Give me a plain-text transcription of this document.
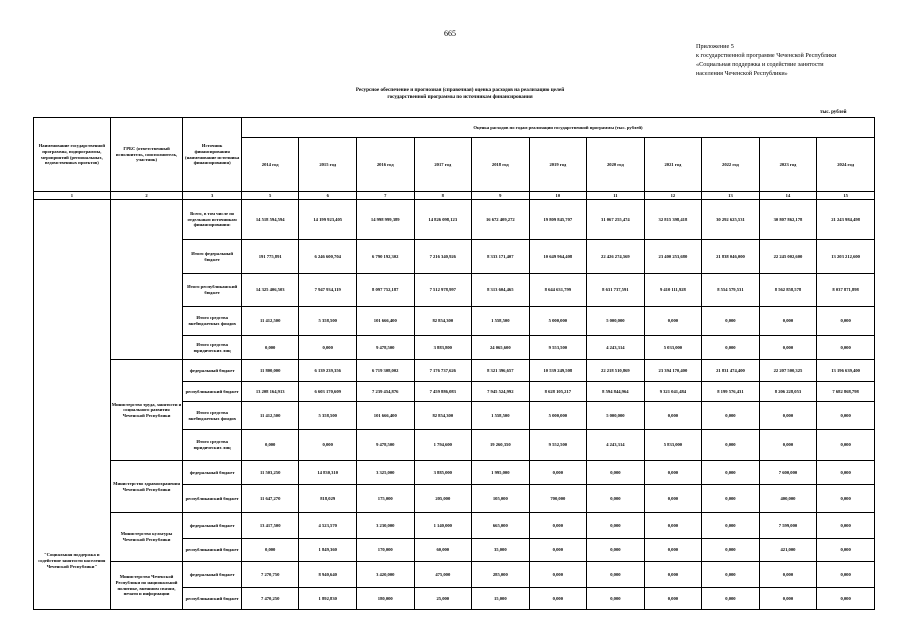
665
Приложение 5
к государственной программе Чеченской Республики
«Социальная поддержка и содействие занятости
населения Чеченской Республики»
Ресурсное обеспечение и прогнозная (справочная) оценка расходов на реализацию целей
государственной программы по источникам финансирования
тыс. рублей
Наименование государственной программы, подпрограммы, мероприятий (региональных, ведомственных проектов)	ГРБС (ответственный исполнитель, соисполнитель, участник)	Источник финансирования (наименование источника финансирования)	Оценка расходов по годам реализации государственной программы (тыс. рублей)										
			2014 год	2015 год	2016 год	2017 год	2018 год	2019 год	2020 год	2021 год	2022 год	2023 год	2024 год
1	2	3	5	6	7	8	9	10	11	12	13	14	15
		Всего, в том числе по отдельным источникам финансирования:	14 518 594,594	14 199 923,405	14 998 999,389	14 826 098,123	16 672 409,272	19 809 845,707	31 067 255,474	32 815 398,418	30 292 625,531	30 807 862,178	21 243 984,498
		Итого федеральный бюджет	191 775,891	6 246 600,704	6 790 192,302	7 216 340,926	8 333 171,407	10 649 964,408	22 426 274,569	23 400 253,680	21 838 046,000	22 245 002,600	13 203 212,600
		Итого республиканский бюджет	14 325 406,503	7 947 934,119	8 097 752,187	7 512 978,997	8 313 604,465	8 644 631,799	8 631 737,591	9 410 111,928	8 554 579,531	8 562 858,578	8 037 871,898
		Итого средства внебюджетных фондов	11 412,500	5 358,500	101 666,400	82 854,300	1 558,500	5 000,000	5 000,000	0,000	0,000	0,000	0,000
		Итого средства юридических лиц	0,000	0,000	9 478,500	3 883,800	24 065,600	9 553,500	4 243,314	5 033,000	0,000	0,000	0,000
	Министерство труда, занятости и социального развития Чеченской Республики	федеральный бюджет	11 800,000	6 139 239,356	6 719 308,002	7 176 737,626	8 321 396,657	10 539 249,508	22 218 510,869	23 394 170,400	21 831 474,400	22 207 500,325	13 196 639,400
		республиканский бюджет	13 208 164,913	6 603 170,609	7 239 454,876	7 459 886,083	7 945 524,992	8 628 105,217	8 594 844,964	9 321 041,484	8 199 576,431	8 206 228,053	7 682 868,798
		Итого средства внебюджетных фондов	11 412,500	5 358,500	101 666,400	82 854,300	1 558,500	5 000,000	5 000,000	0,000	0,000	0,000	0,000
		Итого средства юридических лиц	0,000	0,000	9 478,500	1 794,600	19 260,350	9 552,500	4 243,314	5 833,000	0,000	0,000	0,000
	Министерство здравоохранения Чеченской Республики	федеральный бюджет	11 503,250	14 830,310	3 325,000	3 885,000	1 995,000	0,000	0,000	0,000	0,000	7 600,000	0,000
		республиканский бюджет	11 647,270	818,029	175,000	205,000	105,000	700,000	0,000	0,000	0,000	400,000	0,000
"Социальная поддержка и содействие занятости населения Чеченской Республики"	Министерство культуры Чеченской Республики	федеральный бюджет	13 417,500	4 523,570	3 230,000	1 140,000	665,000	0,000	0,000	0,000	0,000	7 599,000	0,000
		республиканский бюджет	0,000	1 849,360	170,000	60,000	35,000	0,000	0,000	0,000	0,000	421,000	0,000
	Министерство Чеченской Республики по национальной политике, внешним связям, печати и информации	федеральный бюджет	7 270,750	8 940,640	3 420,000	475,000	285,000	0,000	0,000	0,000	0,000	0,000	0,000
		республиканский бюджет	7 470,250	1 892,830	180,000	25,000	15,000	0,000	0,000	0,000	0,000	0,000	0,000
